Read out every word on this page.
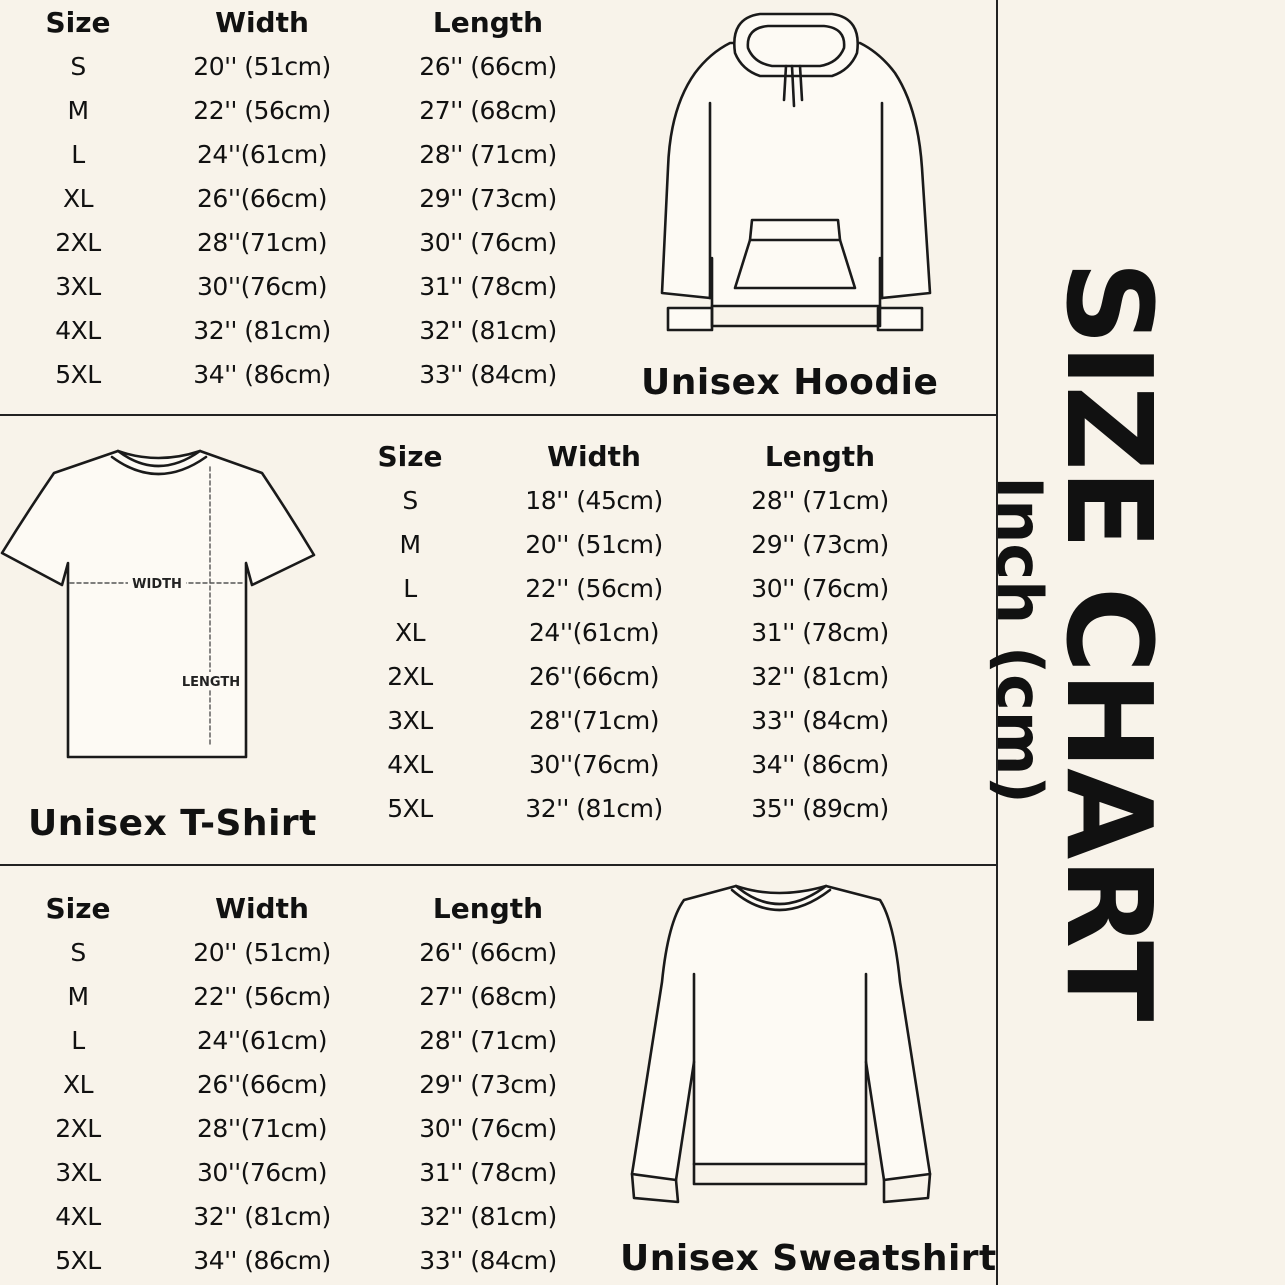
Size	Width	Length
S	20'' (51cm)	26'' (66cm)
M	22'' (56cm)	27'' (68cm)
L	24''(61cm)	28'' (71cm)
XL	26''(66cm)	29'' (73cm)
2XL	28''(71cm)	30'' (76cm)
3XL	30''(76cm)	31'' (78cm)
4XL	32'' (81cm)	32'' (81cm)
5XL	34'' (86cm)	33'' (84cm) Unisex Hoodie
WIDTH
LENGTH
Unisex T-Shirt
Size	Width	Length
S	18'' (45cm)	28'' (71cm)
M	20'' (51cm)	29'' (73cm)
L	22'' (56cm)	30'' (76cm)
XL	24''(61cm)	31'' (78cm)
2XL	26''(66cm)	32'' (81cm)
3XL	28''(71cm)	33'' (84cm)
4XL	30''(76cm)	34'' (86cm)
5XL	32'' (81cm)	35'' (89cm)
Size	Width	Length
S	20'' (51cm)	26'' (66cm)
M	22'' (56cm)	27'' (68cm)
L	24''(61cm)	28'' (71cm)
XL	26''(66cm)	29'' (73cm)
2XL	28''(71cm)	30'' (76cm)
3XL	30''(76cm)	31'' (78cm)
4XL	32'' (81cm)	32'' (81cm)
5XL	34'' (86cm)	33'' (84cm) Unisex Sweatshirt
SIZE CHART
Inch (cm)
